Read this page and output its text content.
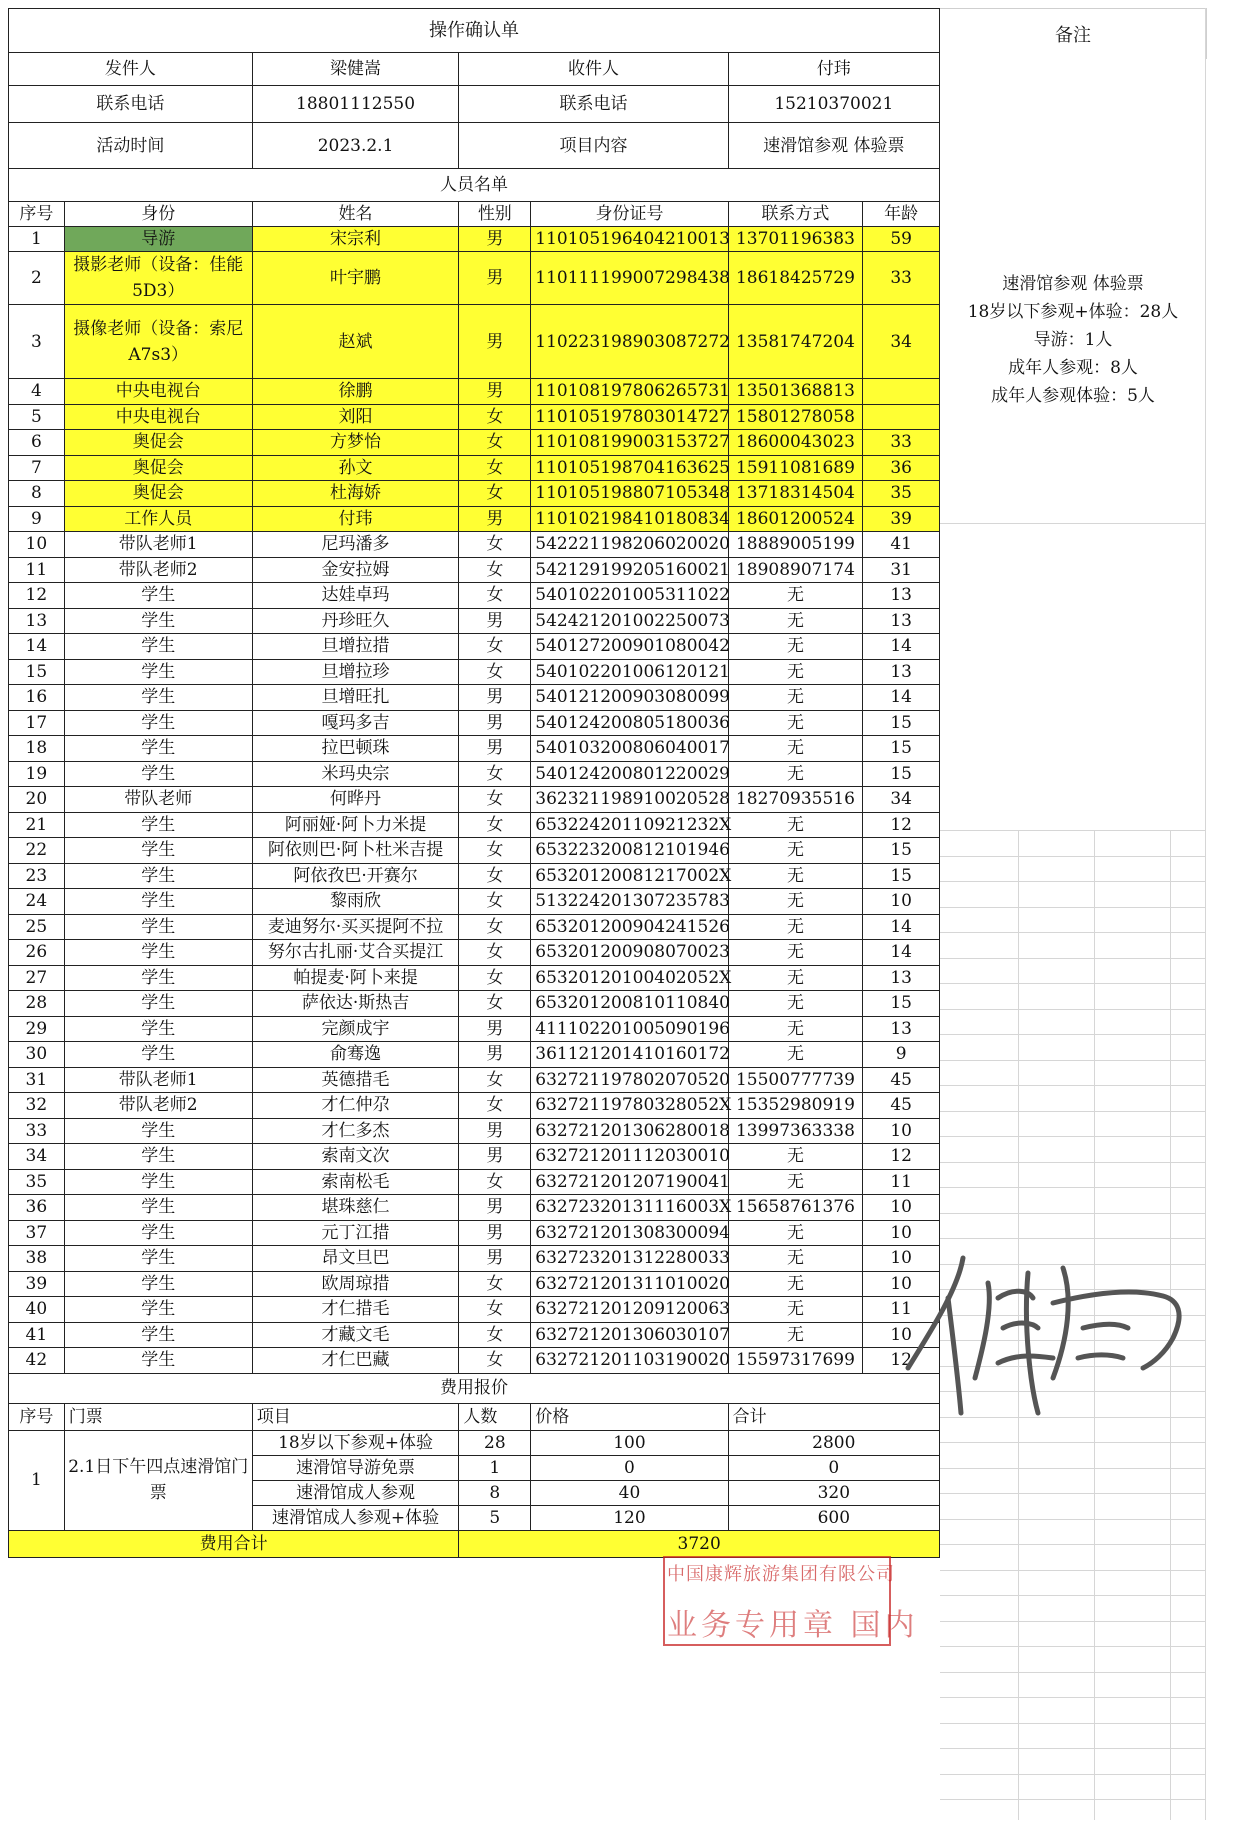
操作确认单						
发件人		梁健嵩	收件人		付玮	
联系电话		18801112550	联系电话		15210370021	
活动时间		2023.2.1	项目内容		速滑馆参观 体验票	
人员名单						
序号	身份	姓名	性别	身份证号	联系方式	年龄
1	导游	宋宗利	男	110105196404210013	13701196383	59
2	摄影老师（设备：佳能5D3）	叶宇鹏	男	110111199007298438	18618425729	33
3	摄像老师（设备：索尼A7s3）	赵斌	男	110223198903087272	13581747204	34
4	中央电视台	徐鹏	男	110108197806265731	13501368813	
5	中央电视台	刘阳	女	110105197803014727	15801278058	
6	奥促会	方梦怡	女	110108199003153727	18600043023	33
7	奥促会	孙文	女	110105198704163625	15911081689	36
8	奥促会	杜海娇	女	110105198807105348	13718314504	35
9	工作人员	付玮	男	110102198410180834	18601200524	39
10	带队老师1	尼玛潘多	女	542221198206020020	18889005199	41
11	带队老师2	金安拉姆	女	542129199205160021	18908907174	31
12	学生	达娃卓玛	女	540102201005311022	无	13
13	学生	丹珍旺久	男	542421201002250073	无	13
14	学生	旦增拉措	女	540127200901080042	无	14
15	学生	旦增拉珍	女	540102201006120121	无	13
16	学生	旦增旺扎	男	540121200903080099	无	14
17	学生	嘎玛多吉	男	540124200805180036	无	15
18	学生	拉巴顿珠	男	540103200806040017	无	15
19	学生	米玛央宗	女	540124200801220029	无	15
20	带队老师	何晔丹	女	362321198910020528	18270935516	34
21	学生	阿丽娅·阿卜力米提	女	65322420110921232X	无	12
22	学生	阿依则巴·阿卜杜米吉提	女	653223200812101946	无	15
23	学生	阿依孜巴·开赛尔	女	65320120081217002X	无	15
24	学生	黎雨欣	女	513224201307235783	无	10
25	学生	麦迪努尔·买买提阿不拉	女	653201200904241526	无	14
26	学生	努尔古扎丽·艾合买提江	女	653201200908070023	无	14
27	学生	帕提麦·阿卜来提	女	65320120100402052X	无	13
28	学生	萨依达·斯热吉	女	653201200810110840	无	15
29	学生	完颜成宇	男	411102201005090196	无	13
30	学生	俞骞逸	男	361121201410160172	无	9
31	带队老师1	英德措毛	女	632721197802070520	15500777739	45
32	带队老师2	才仁仲尕	女	63272119780328052X	15352980919	45
33	学生	才仁多杰	男	632721201306280018	13997363338	10
34	学生	索南文次	男	632721201112030010	无	12
35	学生	索南松毛	女	632721201207190041	无	11
36	学生	堪珠慈仁	男	63272320131116003X	15658761376	10
37	学生	元丁江措	男	632721201308300094	无	10
38	学生	昂文旦巴	男	632723201312280033	无	10
39	学生	欧周琼措	女	632721201311010020	无	10
40	学生	才仁措毛	女	632721201209120063	无	11
41	学生	才藏文毛	女	632721201306030107	无	10
42	学生	才仁巴藏	女	632721201103190020	15597317699	12
费用报价						
序号	门票	项目	人数	价格	合计	
1	2.1日下午四点速滑馆门票	18岁以下参观+体验	28	100	2800	
		速滑馆导游免票	1	0	0	
		速滑馆成人参观	8	40	320	
		速滑馆成人参观+体验	5	120	600	
费用合计			3720			
备注
速滑馆参观 体验票
18岁以下参观+体验：28人
导游：1人
成年人参观：8人
成年人参观体验：5人
中国康辉旅游集团有限公司
业务专用章 国内
